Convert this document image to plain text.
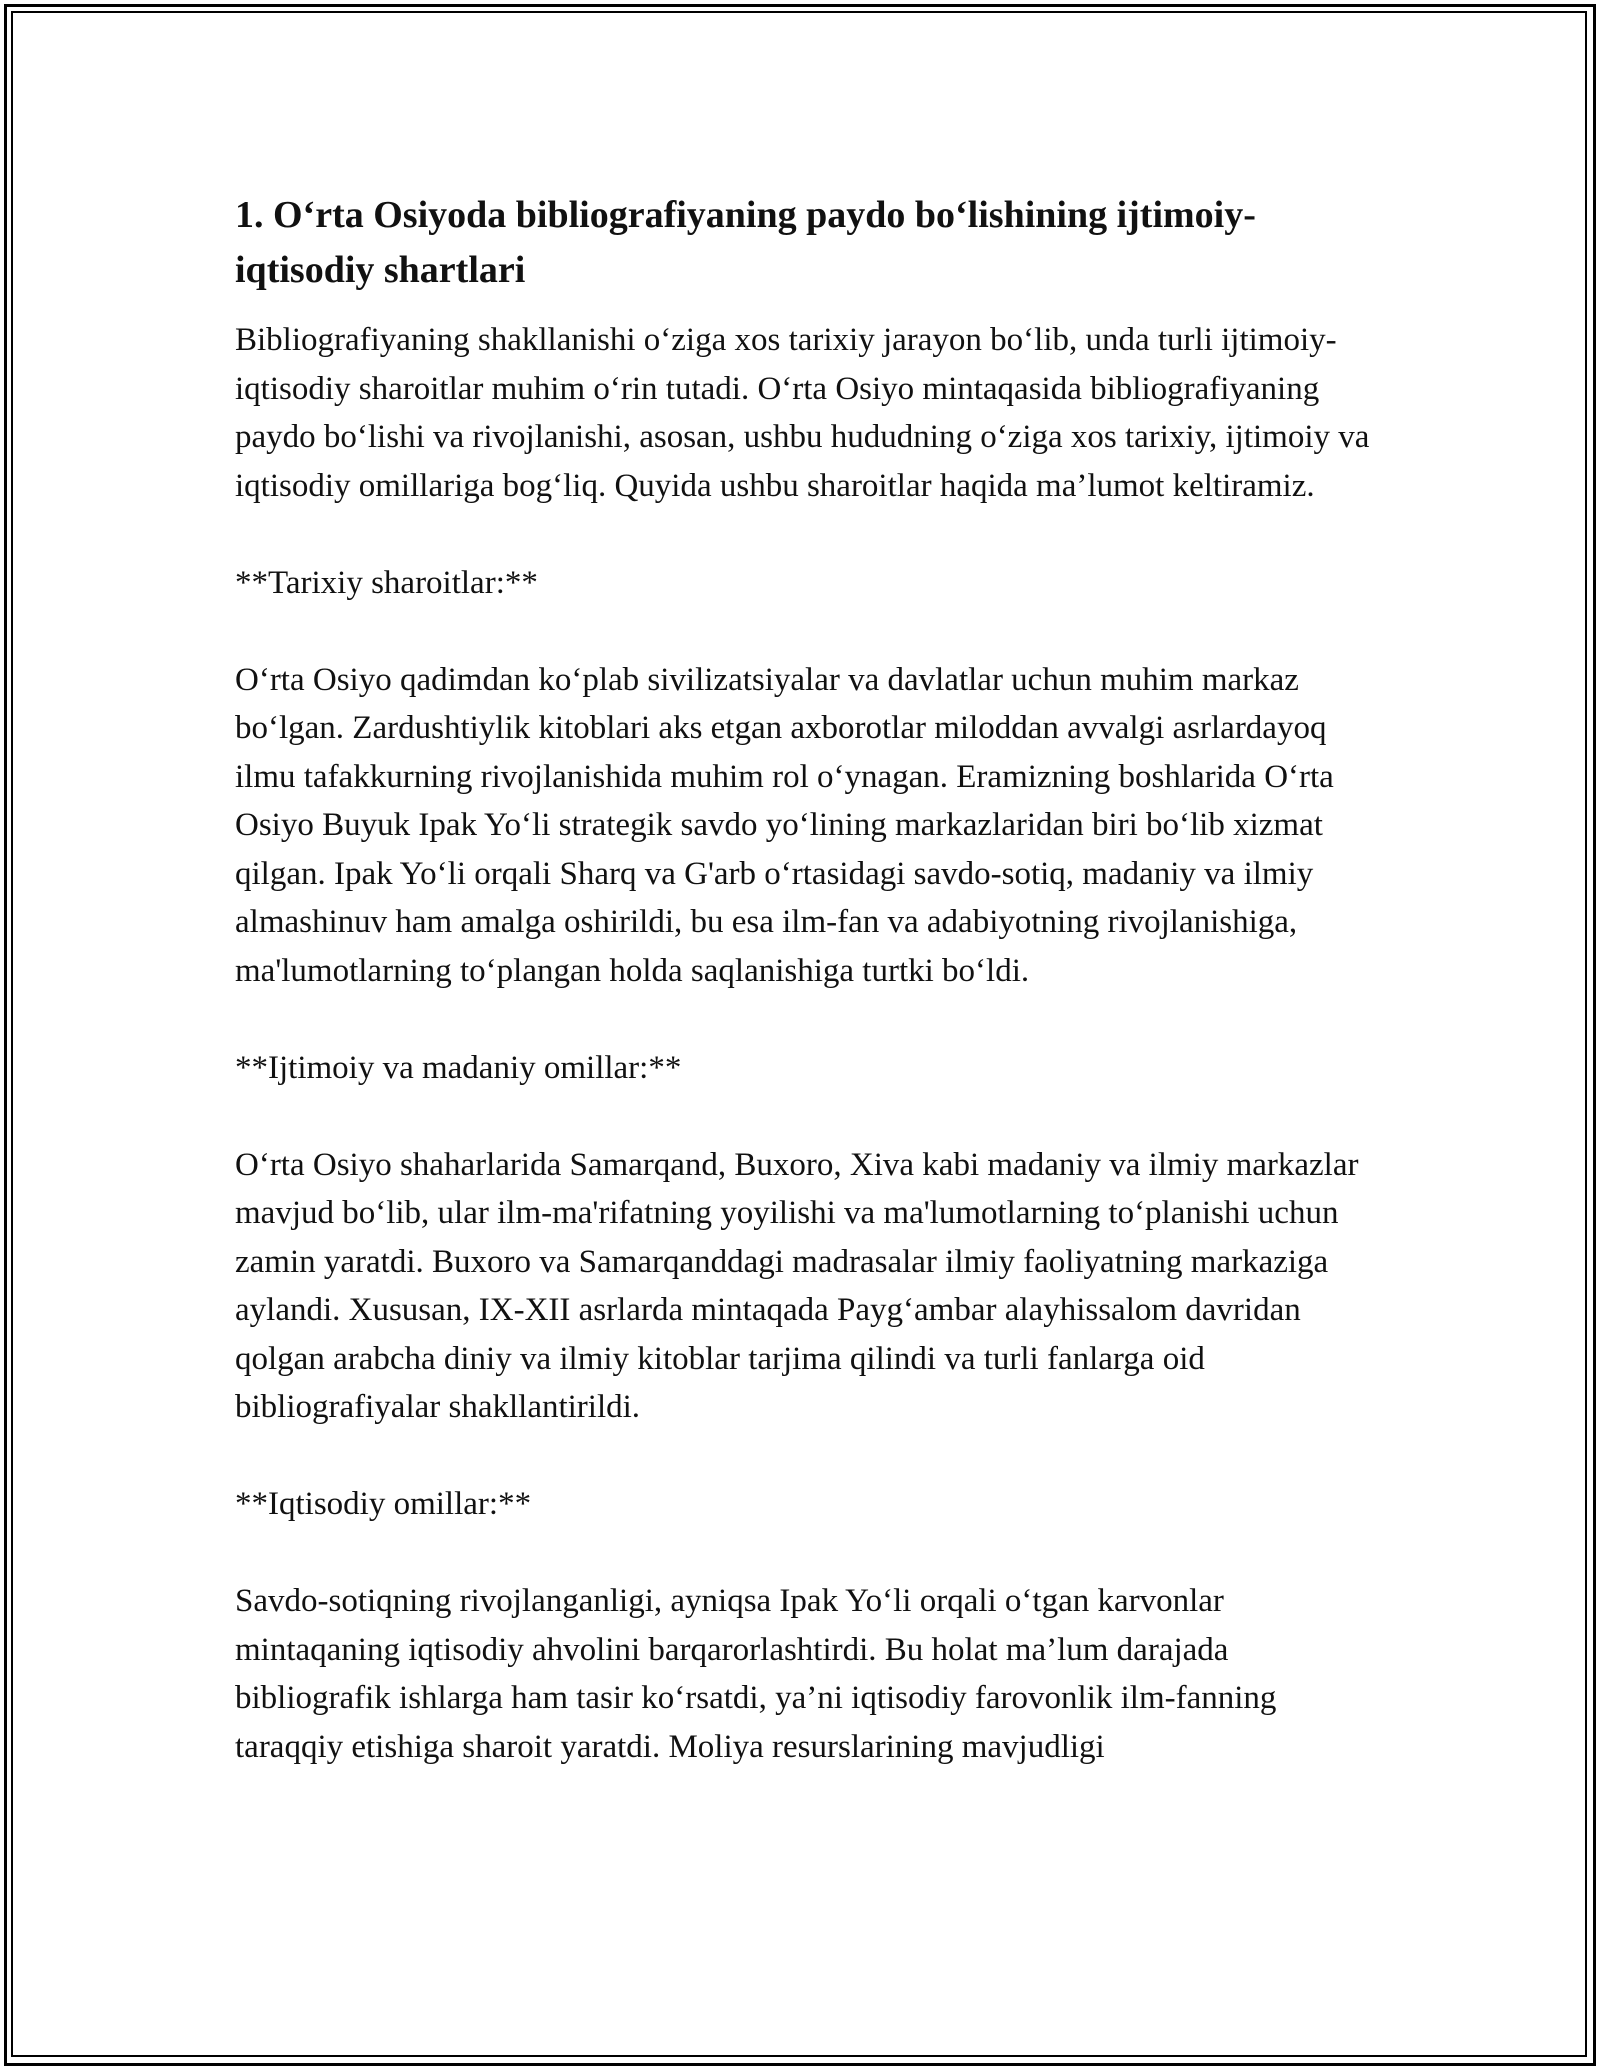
1. O‘rta Osiyoda bibliografiyaning paydo bo‘lishining ijtimoiy-iqtisodiy shartlari

Bibliografiyaning shakllanishi o‘ziga xos tarixiy jarayon bo‘lib, unda turli ijtimoiy-iqtisodiy sharoitlar muhim o‘rin tutadi. O‘rta Osiyo mintaqasida bibliografiyaning paydo bo‘lishi va rivojlanishi, asosan, ushbu hududning o‘ziga xos tarixiy, ijtimoiy va iqtisodiy omillariga bog‘liq. Quyida ushbu sharoitlar haqida ma’lumot keltiramiz.

**Tarixiy sharoitlar:**

O‘rta Osiyo qadimdan ko‘plab sivilizatsiyalar va davlatlar uchun muhim markaz bo‘lgan. Zardushtiylik kitoblari aks etgan axborotlar miloddan avvalgi asrlardayoq ilmu tafakkurning rivojlanishida muhim rol o‘ynagan. Eramizning boshlarida O‘rta Osiyo Buyuk Ipak Yo‘li strategik savdo yo‘lining markazlaridan biri bo‘lib xizmat qilgan. Ipak Yo‘li orqali Sharq va G'arb o‘rtasidagi savdo-sotiq, madaniy va ilmiy almashinuv ham amalga oshirildi, bu esa ilm-fan va adabiyotning rivojlanishiga, ma'lumotlarning to‘plangan holda saqlanishiga turtki bo‘ldi.

**Ijtimoiy va madaniy omillar:**

O‘rta Osiyo shaharlarida Samarqand, Buxoro, Xiva kabi madaniy va ilmiy markazlar mavjud bo‘lib, ular ilm-ma'rifatning yoyilishi va ma'lumotlarning to‘planishi uchun zamin yaratdi. Buxoro va Samarqanddagi madrasalar ilmiy faoliyatning markaziga aylandi. Xususan, IX-XII asrlarda mintaqada Payg‘ambar alayhissalom davridan qolgan arabcha diniy va ilmiy kitoblar tarjima qilindi va turli fanlarga oid bibliografiyalar shakllantirildi.

**Iqtisodiy omillar:**

Savdo-sotiqning rivojlanganligi, ayniqsa Ipak Yo‘li orqali o‘tgan karvonlar mintaqaning iqtisodiy ahvolini barqarorlashtirdi. Bu holat ma’lum darajada bibliografik ishlarga ham tasir ko‘rsatdi, ya’ni iqtisodiy farovonlik ilm-fanning taraqqiy etishiga sharoit yaratdi. Moliya resurslarining mavjudligi
